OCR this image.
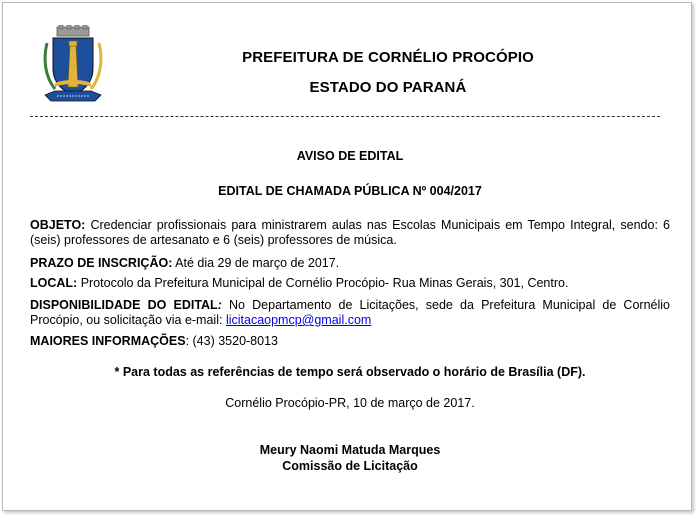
PREFEITURA DE CORNÉLIO PROCÓPIO
ESTADO DO PARANÁ
AVISO DE EDITAL
EDITAL DE CHAMADA PÚBLICA Nº 004/2017
OBJETO: Credenciar profissionais para ministrarem aulas nas Escolas Municipais em Tempo Integral, sendo: 6 (seis) professores de artesanato e 6 (seis) professores de música.
PRAZO DE INSCRIÇÃO: Até dia 29 de março de 2017.
LOCAL: Protocolo da Prefeitura Municipal de Cornélio Procópio- Rua Minas Gerais, 301, Centro.
DISPONIBILIDADE DO EDITAL: No Departamento de Licitações, sede da Prefeitura Municipal de Cornélio Procópio, ou solicitação via e-mail: licitacaopmcp@gmail.com
MAIORES INFORMAÇÕES: (43) 3520-8013
* Para todas as referências de tempo será observado o horário de Brasília (DF).
Cornélio Procópio-PR, 10 de março de 2017.
Meury Naomi Matuda Marques
Comissão de Licitação
